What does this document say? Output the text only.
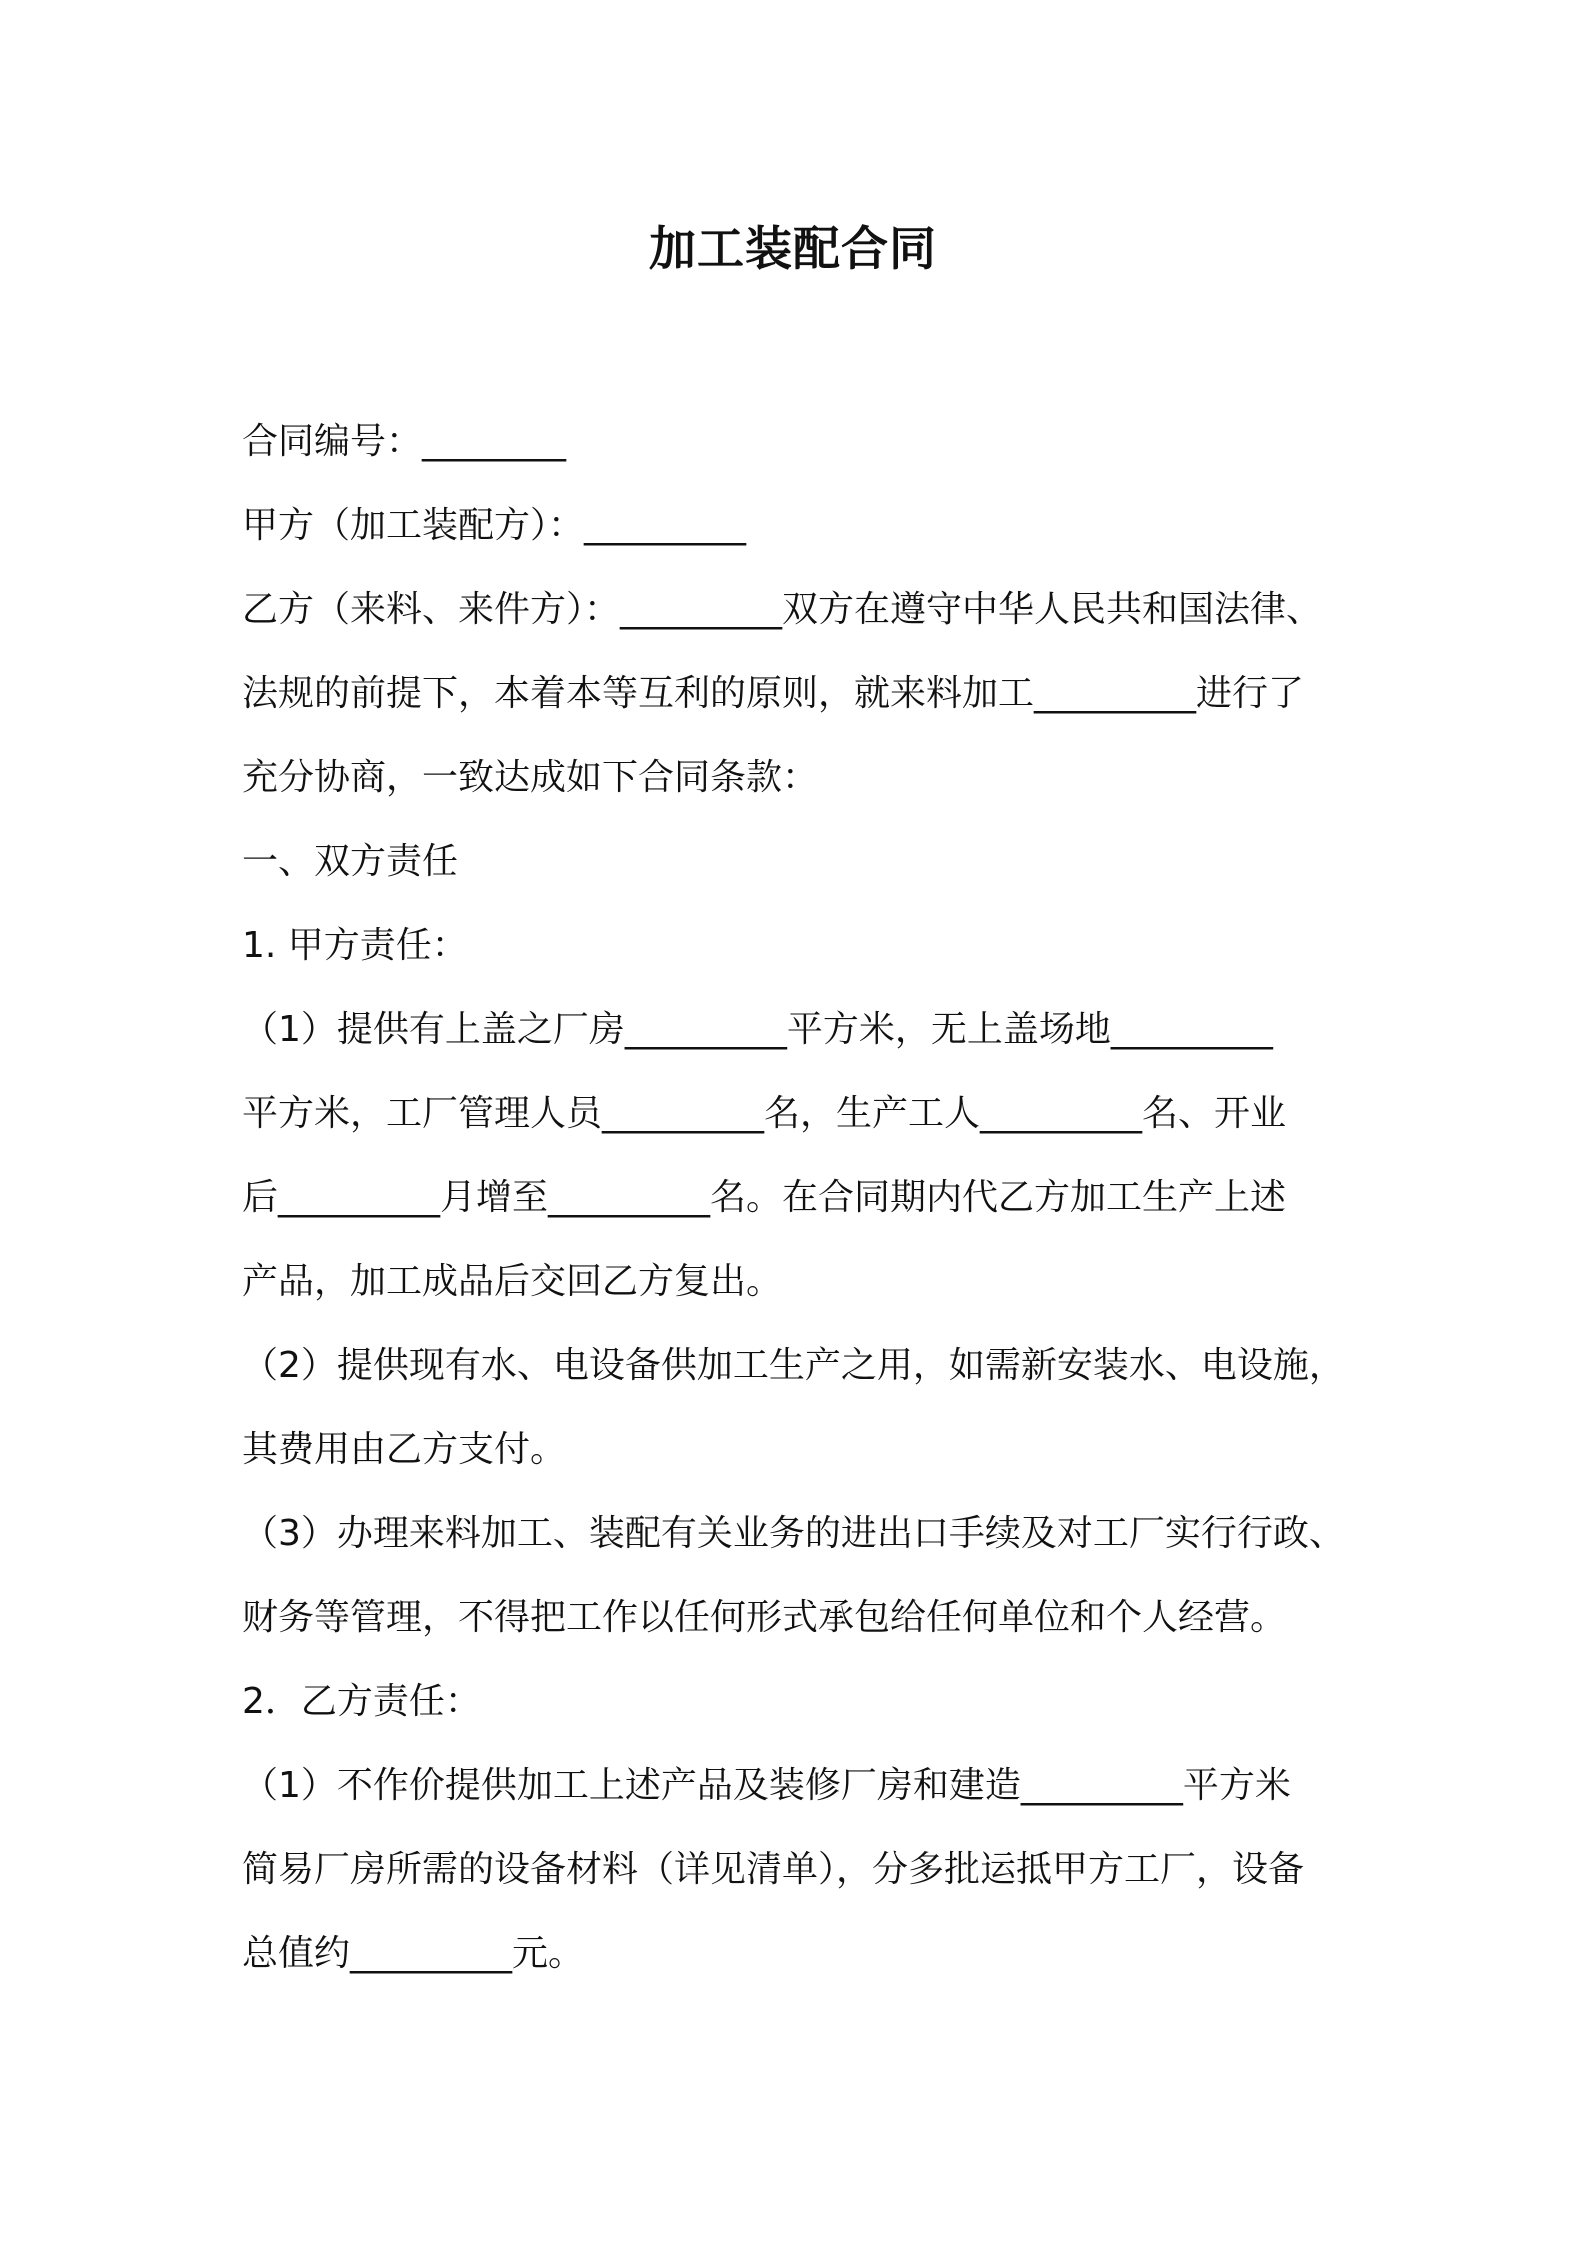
加工装配合同
合同编号：________
甲方（加工装配方）：_________
乙方（来料、来件方）：_________双方在遵守中华人民共和国法律、
法规的前提下，本着本等互利的原则，就来料加工_________进行了
充分协商，一致达成如下合同条款：
一、双方责任
1. 甲方责任：
（1）提供有上盖之厂房_________平方米，无上盖场地_________
平方米，工厂管理人员_________名，生产工人_________名、开业
后_________月增至_________名。在合同期内代乙方加工生产上述
产品，加工成品后交回乙方复出。
（2）提供现有水、电设备供加工生产之用，如需新安装水、电设施，
其费用由乙方支付。
（3）办理来料加工、装配有关业务的进出口手续及对工厂实行行政、
财务等管理，不得把工作以任何形式承包给任何单位和个人经营。
2．乙方责任：
（1）不作价提供加工上述产品及装修厂房和建造_________平方米
简易厂房所需的设备材料（详见清单），分多批运抵甲方工厂，设备
总值约_________元。
